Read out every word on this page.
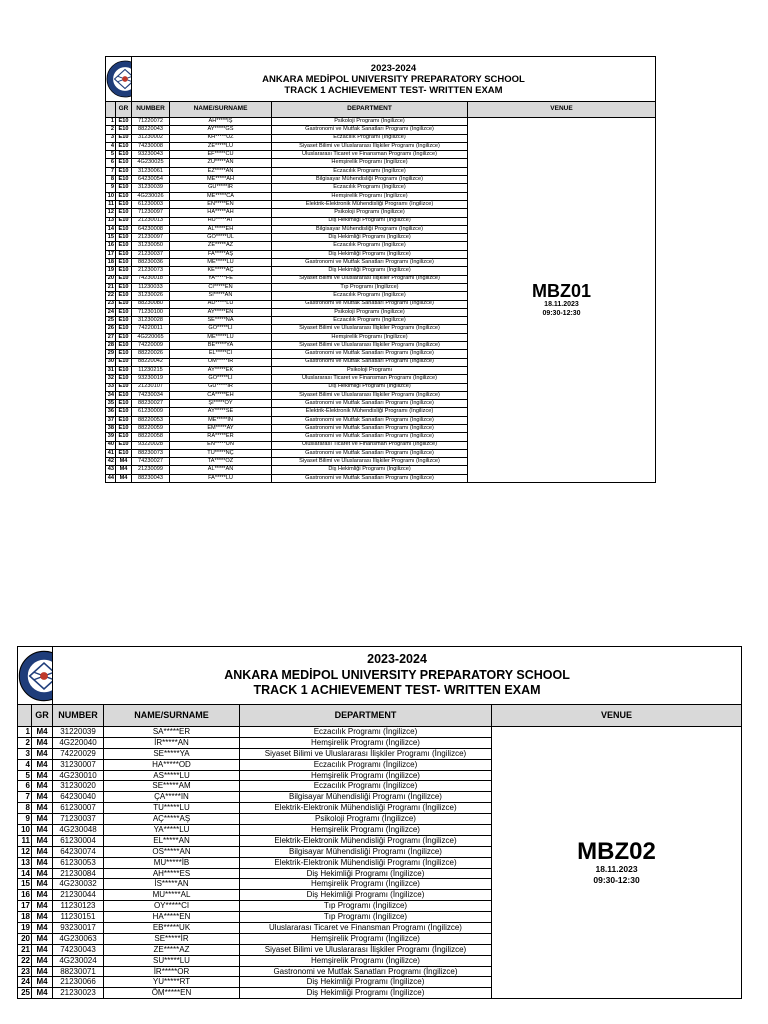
2023-2024
ANKARA MEDİPOL UNIVERSITY PREPARATORY SCHOOL
TRACK 1 ACHIEVEMENT TEST- WRITTEN EXAM			

	GR	NUMBER	NAME/SURNAME	DEPARTMENT	VENUE
1	E10	71220072	AH*****İŞ	Psikoloji Programı (İngilizce)	MBZ01
18.11.2023
09:30-12:30

2	E10	88220043	AY*****GS	Gastronomi ve Mutfak Sanatları Programı (İngilizce)	
3	E10	31230002	KH*****UZ	Eczacılık Programı (İngilizce)	
4	E10	74230008	ZE*****LU	Siyaset Bilimi ve Uluslararası İlişkiler Programı (İngilizce)	
5	E10	93230043	EF*****CU	Uluslararası Ticaret ve Finansman Programı (İngilizce)	
6	E10	4G230025	ZÜ*****AN	Hemşirelik Programı (İngilizce)	
7	E10	31230061	EZ*****AN	Eczacılık Programı (İngilizce)	
8	E10	64230054	ME*****AH	Bilgisayar Mühendisliği Programı (İngilizce)	
9	E10	31230039	GÜ*****İR	Eczacılık Programı (İngilizce)	
10	E10	4G230026	ME*****CA	Hemşirelik Programı (İngilizce)	
11	E10	61230003	EN*****EN	Elektrik-Elektronik Mühendisliği Programı (İngilizce)	
12	E10	71230097	HA*****AH	Psikoloji Programı (İngilizce)	
13	E10	21230013	HÜ*****AT	Diş Hekimliği Programı (İngilizce)	
14	E10	64230008	AL*****EH	Bilgisayar Mühendisliği Programı (İngilizce)	
15	E10	21230097	GÖ*****UL	Diş Hekimliği Programı (İngilizce)	
16	E10	31230050	ZE*****AZ	Eczacılık Programı (İngilizce)	
17	E10	21230037	FA*****AŞ	Diş Hekimliği Programı (İngilizce)	
18	E10	88230036	ME*****LU	Gastronomi ve Mutfak Sanatları Programı (İngilizce)	
19	E10	21230073	KE*****AÇ	Diş Hekimliği Programı (İngilizce)	
20	E10	74230018	YA*****FE	Siyaset Bilimi ve Uluslararası İlişkiler Programı (İngilizce)	
21	E10	11230033	CI*****EN	Tıp Programı (İngilizce)	
22	E10	31230026	SI*****AN	Eczacılık Programı (İngilizce)	
23	E10	88230080	AD*****LU	Gastronomi ve Mutfak Sanatları Programı (İngilizce)	
24	E10	71230100	AY*****EN	Psikoloji Programı (İngilizce)	
25	E10	31230028	SE*****NA	Eczacılık Programı (İngilizce)	
26	E10	74220011	GÖ*****Lİ	Siyaset Bilimi ve Uluslararası İlişkiler Programı (İngilizce)	
27	E10	4G220065	ME*****LU	Hemşirelik Programı (İngilizce)	
28	E10	74220009	BE*****YA	Siyaset Bilimi ve Uluslararası İlişkiler Programı (İngilizce)	
29	E10	88220026	EL*****Cİ	Gastronomi ve Mutfak Sanatları Programı (İngilizce)	
30	E10	88220042	ÖM*****İR	Gastronomi ve Mutfak Sanatları Programı (İngilizce)	
31	E10	11230215	AY*****EK	Psikoloji Programı	
32	E10	93230019	GÖ*****Lİ	Uluslararası Ticaret ve Finansman Programı (İngilizce)	
33	E10	21230107	GÜ*****İR	Diş Hekimliği Programı (İngilizce)	
34	E10	74230034	CA*****EH	Siyaset Bilimi ve Uluslararası İlişkiler Programı (İngilizce)	
35	E10	88230027	ŞI*****OY	Gastronomi ve Mutfak Sanatları Programı (İngilizce)	
36	E10	61230009	AY*****SE	Elektrik-Elektronik Mühendisliği Programı (İngilizce)	
37	E10	88220053	ME*****İN	Gastronomi ve Mutfak Sanatları Programı (İngilizce)	
38	E10	88220059	EM*****AY	Gastronomi ve Mutfak Sanatları Programı (İngilizce)	
39	E10	88220058	RA*****ER	Gastronomi ve Mutfak Sanatları Programı (İngilizce)	
40	E10	93220028	EN*****UN	Uluslararası Ticaret ve Finansman Programı (İngilizce)	
41	E10	88230073	TU*****NÇ	Gastronomi ve Mutfak Sanatları Programı (İngilizce)	
42	M4	74230027	TA*****ÖZ	Siyaset Bilimi ve Uluslararası İlişkiler Programı (İngilizce)	
43	M4	21230099	AL*****AN	Diş Hekimliği Programı (İngilizce)	
44	M4	88230043	FA*****LU	Gastronomi ve Mutfak Sanatları Programı (İngilizce)	

2023-2024
ANKARA MEDİPOL UNIVERSITY PREPARATORY SCHOOL
TRACK 1 ACHIEVEMENT TEST- WRITTEN EXAM			

	GR	NUMBER	NAME/SURNAME	DEPARTMENT	VENUE
1	M4	31220039	SA*****ER	Eczacılık Programı (İngilizce)	MBZ02
18.11.2023
09:30-12:30

2	M4	4G220040	İR*****AN	Hemşirelik Programı (İngilizce)	
3	M4	74220029	SE*****YA	Siyaset Bilimi ve Uluslararası İlişkiler Programı (İngilizce)	
4	M4	31230007	HA*****OD	Eczacılık Programı (İngilizce)	
5	M4	4G230010	AS*****LU	Hemşirelik Programı (İngilizce)	
6	M4	31230020	SE*****AM	Eczacılık Programı (İngilizce)	
7	M4	64230040	ÇA*****IN	Bilgisayar Mühendisliği Programı (İngilizce)	
8	M4	61230007	TU*****LU	Elektrik-Elektronik Mühendisliği Programı (İngilizce)	
9	M4	71230037	AÇ*****AŞ	Psikoloji Programı (İngilizce)	
10	M4	4G230048	YA*****LU	Hemşirelik Programı (İngilizce)	
11	M4	61230004	EL*****AN	Elektrik-Elektronik Mühendisliği Programı (İngilizce)	
12	M4	64230074	OS*****AN	Bilgisayar Mühendisliği Programı (İngilizce)	
13	M4	61230053	MU*****İB	Elektrik-Elektronik Mühendisliği Programı (İngilizce)	
14	M4	21230084	AH*****ES	Diş Hekimliği Programı (İngilizce)	
15	M4	4G230032	İS*****AN	Hemşirelik Programı (İngilizce)	
16	M4	21230044	MU*****AL	Diş Hekimliği Programı (İngilizce)	
17	M4	11230123	OY*****CI	Tıp Programı (İngilizce)	
18	M4	11230151	HA*****EN	Tıp Programı (İngilizce)	
19	M4	93230017	EB*****UK	Uluslararası Ticaret ve Finansman Programı (İngilizce)	
20	M4	4G230063	SE*****İR	Hemşirelik Programı (İngilizce)	
21	M4	74230043	ZE*****AZ	Siyaset Bilimi ve Uluslararası İlişkiler Programı (İngilizce)	
22	M4	4G230024	SU*****LU	Hemşirelik Programı (İngilizce)	
23	M4	88230071	İR*****OR	Gastronomi ve Mutfak Sanatları Programı (İngilizce)	
24	M4	21230066	YU*****RT	Diş Hekimliği Programı (İngilizce)	
25	M4	21230023	ÖM*****EN	Diş Hekimliği Programı (İngilizce)	
